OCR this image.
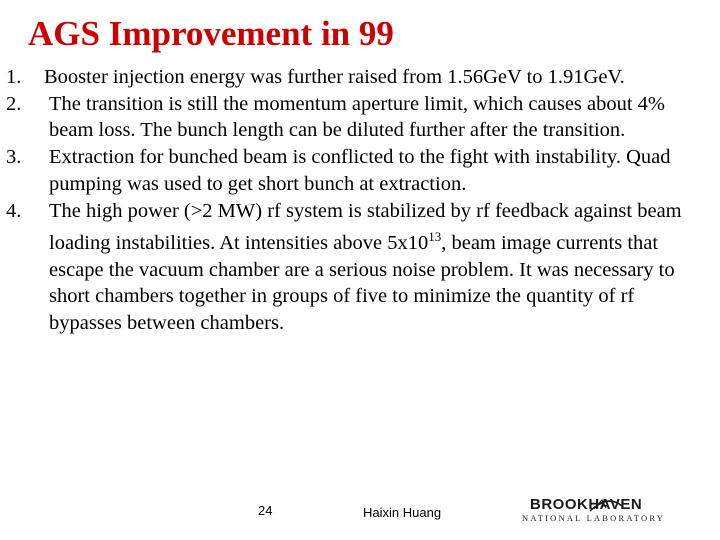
AGS Improvement in 99
1.	Booster injection energy was further raised from 1.56GeV to 1.91GeV.
2.	The transition is still the momentum aperture limit, which causes about 4% beam loss. The bunch length can be diluted further after the transition.
3.	Extraction for bunched beam is conflicted to the fight with instability. Quad pumping was used to get short bunch at extraction.
4.	The high power (>2 MW) rf system is stabilized by rf feedback against beam loading instabilities. At intensities above $5x10^{13}$, beam image currents that escape the vacuum chamber are a serious noise problem. It was necessary to short chambers together in groups of five to minimize the quantity of rf bypasses between chambers.
24	Haixin Huang	BROOKHAVEN
NATIONAL LABORATORY
